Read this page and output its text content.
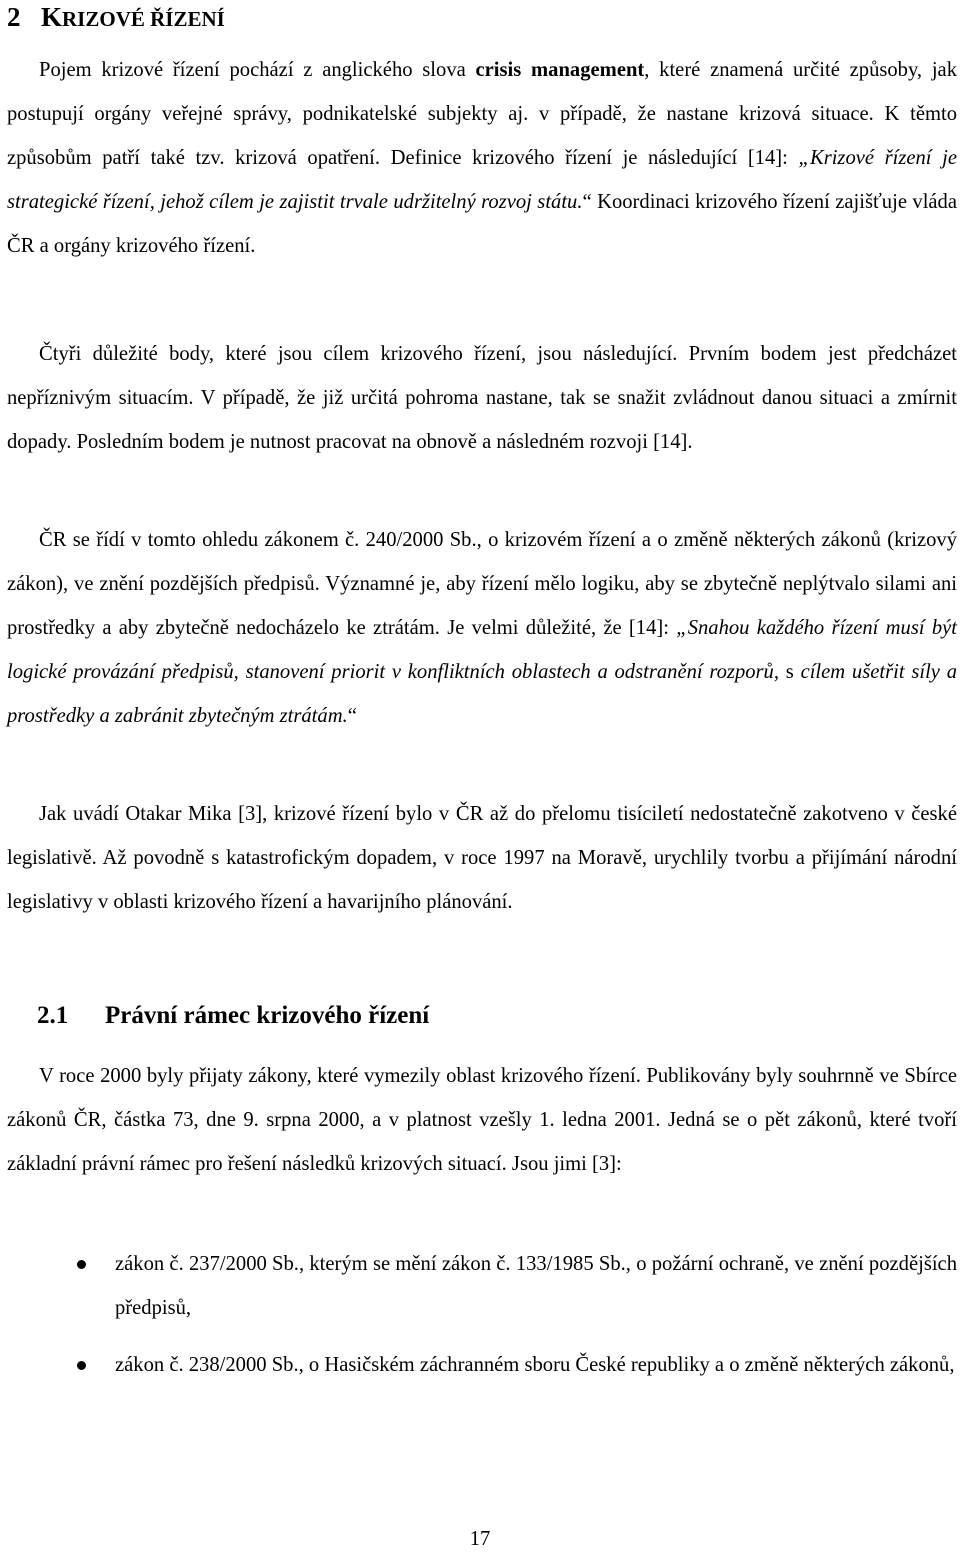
2 KRIZOVÉ ŘÍZENÍ

Pojem krizové řízení pochází z anglického slova crisis management, které znamená určité způsoby, jak postupují orgány veřejné správy, podnikatelské subjekty aj. v případě, že nastane krizová situace. K těmto způsobům patří také tzv. krizová opatření. Definice krizového řízení je následující [14]: „Krizové řízení je strategické řízení, jehož cílem je zajistit trvale udržitelný rozvoj státu.“ Koordinaci krizového řízení zajišťuje vláda ČR a orgány krizového řízení.

Čtyři důležité body, které jsou cílem krizového řízení, jsou následující. Prvním bodem jest předcházet nepříznivým situacím. V případě, že již určitá pohroma nastane, tak se snažit zvládnout danou situaci a zmírnit dopady. Posledním bodem je nutnost pracovat na obnově a následném rozvoji [14].

ČR se řídí v tomto ohledu zákonem č. 240/2000 Sb., o krizovém řízení a o změně některých zákonů (krizový zákon), ve znění pozdějších předpisů. Významné je, aby řízení mělo logiku, aby se zbytečně neplýtvalo silami ani prostředky a aby zbytečně nedocházelo ke ztrátám. Je velmi důležité, že [14]: „Snahou každého řízení musí být logické provázání předpisů, stanovení priorit v konfliktních oblastech a odstranění rozporů, s cílem ušetřit síly a prostředky a zabránit zbytečným ztrátám.“

Jak uvádí Otakar Mika [3], krizové řízení bylo v ČR až do přelomu tisíciletí nedostatečně zakotveno v české legislativě. Až povodně s katastrofickým dopadem, v roce 1997 na Moravě, urychlily tvorbu a přijímání národní legislativy v oblasti krizového řízení a havarijního plánování.

2.1 Právní rámec krizového řízení

V roce 2000 byly přijaty zákony, které vymezily oblast krizového řízení. Publikovány byly souhrnně ve Sbírce zákonů ČR, částka 73, dne 9. srpna 2000, a v platnost vzešly 1. ledna 2001. Jedná se o pět zákonů, které tvoří základní právní rámec pro řešení následků krizových situací. Jsou jimi [3]:

zákon č. 237/2000 Sb., kterým se mění zákon č. 133/1985 Sb., o požární ochraně, ve znění pozdějších předpisů,
zákon č. 238/2000 Sb., o Hasičském záchranném sboru České republiky a o změně některých zákonů,

17
